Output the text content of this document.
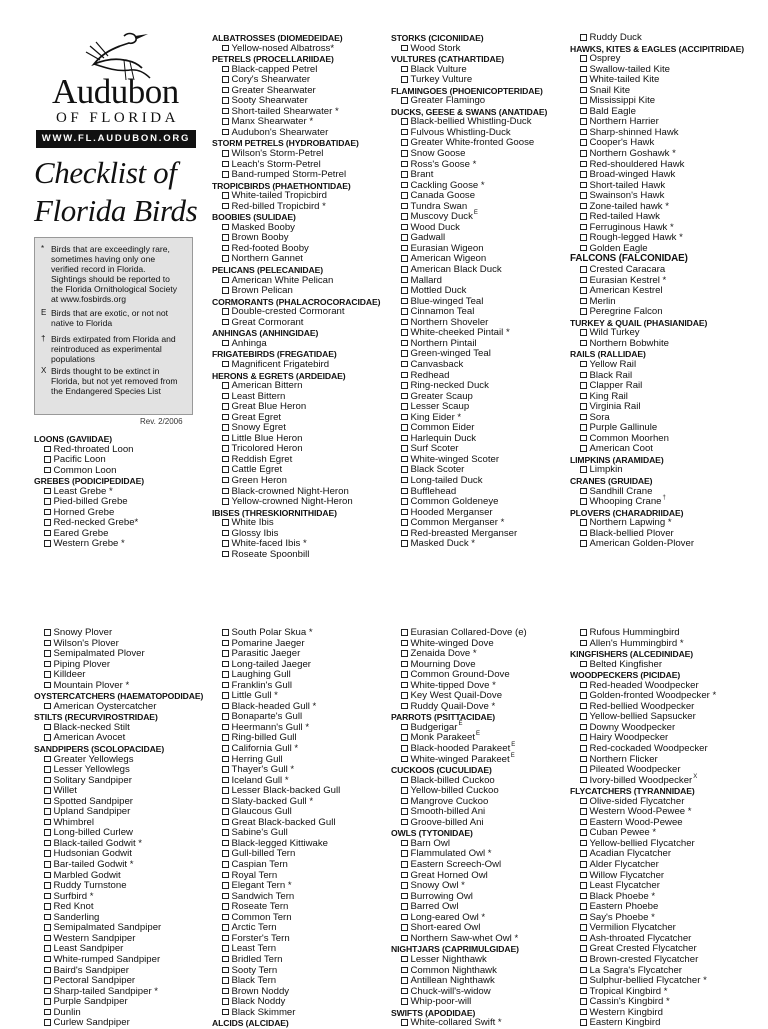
Audubon
OF FLORIDA
WWW.FL.AUDUBON.ORG
Checklist of
Florida Birds
* Birds that are exceedingly rare,
sometimes having only one
verified record in Florida.
Sightings should be reported to
the Florida Ornithological Society
at www.fosbirds.org
E Birds that are exotic, or not not
native to Florida
† Birds extirpated from Florida and
reintroduced as experimental
populations
X Birds thought to be extinct in
Florida, but not yet removed from
the Endangered Species List
Rev. 2/2006
LOONS (GAVIIDAE)
Red-throated Loon
Pacific Loon
Common Loon
GREBES (PODICIPEDIDAE)
Least Grebe *
Pied-billed Grebe
Horned Grebe
Red-necked Grebe*
Eared Grebe
Western Grebe *
ALBATROSSES (DIOMEDEIDAE)
Yellow-nosed Albatross*
PETRELS (PROCELLARIIDAE)
Black-capped Petrel
Cory's Shearwater
Greater Shearwater
Sooty Shearwater
Short-tailed Shearwater *
Manx Shearwater *
Audubon's Shearwater
STORM PETRELS (HYDROBATIDAE)
Wilson's Storm-Petrel
Leach's Storm-Petrel
Band-rumped Storm-Petrel
TROPICBIRDS (PHAETHONTIDAE)
White-tailed Tropicbird
Red-billed Tropicbird *
BOOBIES (SULIDAE)
Masked Booby
Brown Booby
Red-footed Booby
Northern Gannet
PELICANS (PELECANIDAE)
American White Pelican
Brown Pelican
CORMORANTS (PHALACROCORACIDAE)
Double-crested Cormorant
Great Cormorant
ANHINGAS (ANHINGIDAE)
Anhinga
FRIGATEBIRDS (FREGATIDAE)
Magnificent Frigatebird
HERONS & EGRETS (ARDEIDAE)
American Bittern
Least Bittern
Great Blue Heron
Great Egret
Snowy Egret
Little Blue Heron
Tricolored Heron
Reddish Egret
Cattle Egret
Green Heron
Black-crowned Night-Heron
Yellow-crowned Night-Heron
IBISES (THRESKIORNITHIDAE)
White Ibis
Glossy Ibis
White-faced Ibis *
Roseate Spoonbill
STORKS (CICONIIDAE)
Wood Stork
VULTURES (CATHARTIDAE)
Black Vulture
Turkey Vulture
FLAMINGOES (PHOENICOPTERIDAE)
Greater Flamingo
DUCKS, GEESE & SWANS (ANATIDAE)
Black-bellied Whistling-Duck
Fulvous Whistling-Duck
Greater White-fronted Goose
Snow Goose
Ross's Goose *
Brant
Cackling Goose *
Canada Goose
Tundra Swan
Muscovy Duck$^E$
Wood Duck
Gadwall
Eurasian Wigeon
American Wigeon
American Black Duck
Mallard
Mottled Duck
Blue-winged Teal
Cinnamon Teal
Northern Shoveler
White-cheeked Pintail *
Northern Pintail
Green-winged Teal
Canvasback
Redhead
Ring-necked Duck
Greater Scaup
Lesser Scaup
King Eider *
Common Eider
Harlequin Duck
Surf Scoter
White-winged Scoter
Black Scoter
Long-tailed Duck
Bufflehead
Common Goldeneye
Hooded Merganser
Common Merganser *
Red-breasted Merganser
Masked Duck *
Ruddy Duck
HAWKS, KITES & EAGLES (ACCIPITRIDAE)
Osprey
Swallow-tailed Kite
White-tailed Kite
Snail Kite
Mississippi Kite
Bald Eagle
Northern Harrier
Sharp-shinned Hawk
Cooper's Hawk
Northern Goshawk *
Red-shouldered Hawk
Broad-winged Hawk
Short-tailed Hawk
Swainson's Hawk
Zone-tailed hawk *
Red-tailed Hawk
Ferruginous Hawk *
Rough-legged Hawk *
Golden Eagle
FALCONS (FALCONIDAE)
Crested Caracara
Eurasian Kestrel *
American Kestrel
Merlin
Peregrine Falcon
TURKEY & QUAIL (PHASIANIDAE)
Wild Turkey
Northern Bobwhite
RAILS (RALLIDAE)
Yellow Rail
Black Rail
Clapper Rail
King Rail
Virginia Rail
Sora
Purple Gallinule
Common Moorhen
American Coot
LIMPKINS (ARAMIDAE)
Limpkin
CRANES (GRUIDAE)
Sandhill Crane
Whooping Crane†
PLOVERS (CHARADRIIDAE)
Northern Lapwing *
Black-bellied Plover
American Golden-Plover
Snowy Plover
Wilson's Plover
Semipalmated Plover
Piping Plover
Killdeer
Mountain Plover *
OYSTERCATCHERS (HAEMATOPODIDAE)
American Oystercatcher
STILTS (RECURVIROSTRIDAE)
Black-necked Stilt
American Avocet
SANDPIPERS (SCOLOPACIDAE)
Greater Yellowlegs
Lesser Yellowlegs
Solitary Sandpiper
Willet
Spotted Sandpiper
Upland Sandpiper
Whimbrel
Long-billed Curlew
Black-tailed Godwit *
Hudsonian Godwit
Bar-tailed Godwit *
Marbled Godwit
Ruddy Turnstone
Surfbird *
Red Knot
Sanderling
Semipalmated Sandpiper
Western Sandpiper
Least Sandpiper
White-rumped Sandpiper
Baird's Sandpiper
Pectoral Sandpiper
Sharp-tailed Sandpiper *
Purple Sandpiper
Dunlin
Curlew Sandpiper
South Polar Skua *
Pomarine Jaeger
Parasitic Jaeger
Long-tailed Jaeger
Laughing Gull
Franklin's Gull
Little Gull *
Black-headed Gull *
Bonaparte's Gull
Heermann's Gull *
Ring-billed Gull
California Gull *
Herring Gull
Thayer's Gull *
Iceland Gull *
Lesser Black-backed Gull
Slaty-backed Gull *
Glaucous Gull
Great Black-backed Gull
Sabine's Gull
Black-legged Kittiwake
Gull-billed Tern
Caspian Tern
Royal Tern
Elegant Tern *
Sandwich Tern
Roseate Tern
Common Tern
Arctic Tern
Forster's Tern
Least Tern
Bridled Tern
Sooty Tern
Black Tern
Brown Noddy
Black Noddy
Black Skimmer
ALCIDS (ALCIDAE)
Eurasian Collared-Dove (e)
White-winged Dove
Zenaida Dove *
Mourning Dove
Common Ground-Dove
White-tipped Dove *
Key West Quail-Dove
Ruddy Quail-Dove *
PARROTS (PSITTACIDAE)
Budgerigar$^E$
Monk Parakeet$^E$
Black-hooded Parakeet$^E$
White-winged Parakeet$^E$
CUCKOOS (CUCULIDAE)
Black-billed Cuckoo
Yellow-billed Cuckoo
Mangrove Cuckoo
Smooth-billed Ani
Groove-billed Ani
OWLS (TYTONIDAE)
Barn Owl
Flammulated Owl *
Eastern Screech-Owl
Great Horned Owl
Snowy Owl *
Burrowing Owl
Barred Owl
Long-eared Owl *
Short-eared Owl
Northern Saw-whet Owl *
NIGHTJARS (CAPRIMULGIDAE)
Lesser Nighthawk
Common Nighthawk
Antillean Nighthawk
Chuck-will's-widow
Whip-poor-will
SWIFTS (APODIDAE)
White-collared Swift *
Rufous Hummingbird
Allen's Hummingbird *
KINGFISHERS (ALCEDINIDAE)
Belted Kingfisher
WOODPECKERS (PICIDAE)
Red-headed Woodpecker
Golden-fronted Woodpecker *
Red-bellied Woodpecker
Yellow-bellied Sapsucker
Downy Woodpecker
Hairy Woodpecker
Red-cockaded Woodpecker
Northern Flicker
Pileated Woodpecker
Ivory-billed Woodpecker$^X$
FLYCATCHERS (TYRANNIDAE)
Olive-sided Flycatcher
Western Wood-Pewee *
Eastern Wood-Pewee
Cuban Pewee *
Yellow-bellied Flycatcher
Acadian Flycatcher
Alder Flycatcher
Willow Flycatcher
Least Flycatcher
Black Phoebe *
Eastern Phoebe
Say's Phoebe *
Vermilion Flycatcher
Ash-throated Flycatcher
Great Crested Flycatcher
Brown-crested Flycatcher
La Sagra's Flycatcher
Sulphur-bellied Flycatcher *
Tropical Kingbird *
Cassin's Kingbird *
Western Kingbird
Eastern Kingbird
